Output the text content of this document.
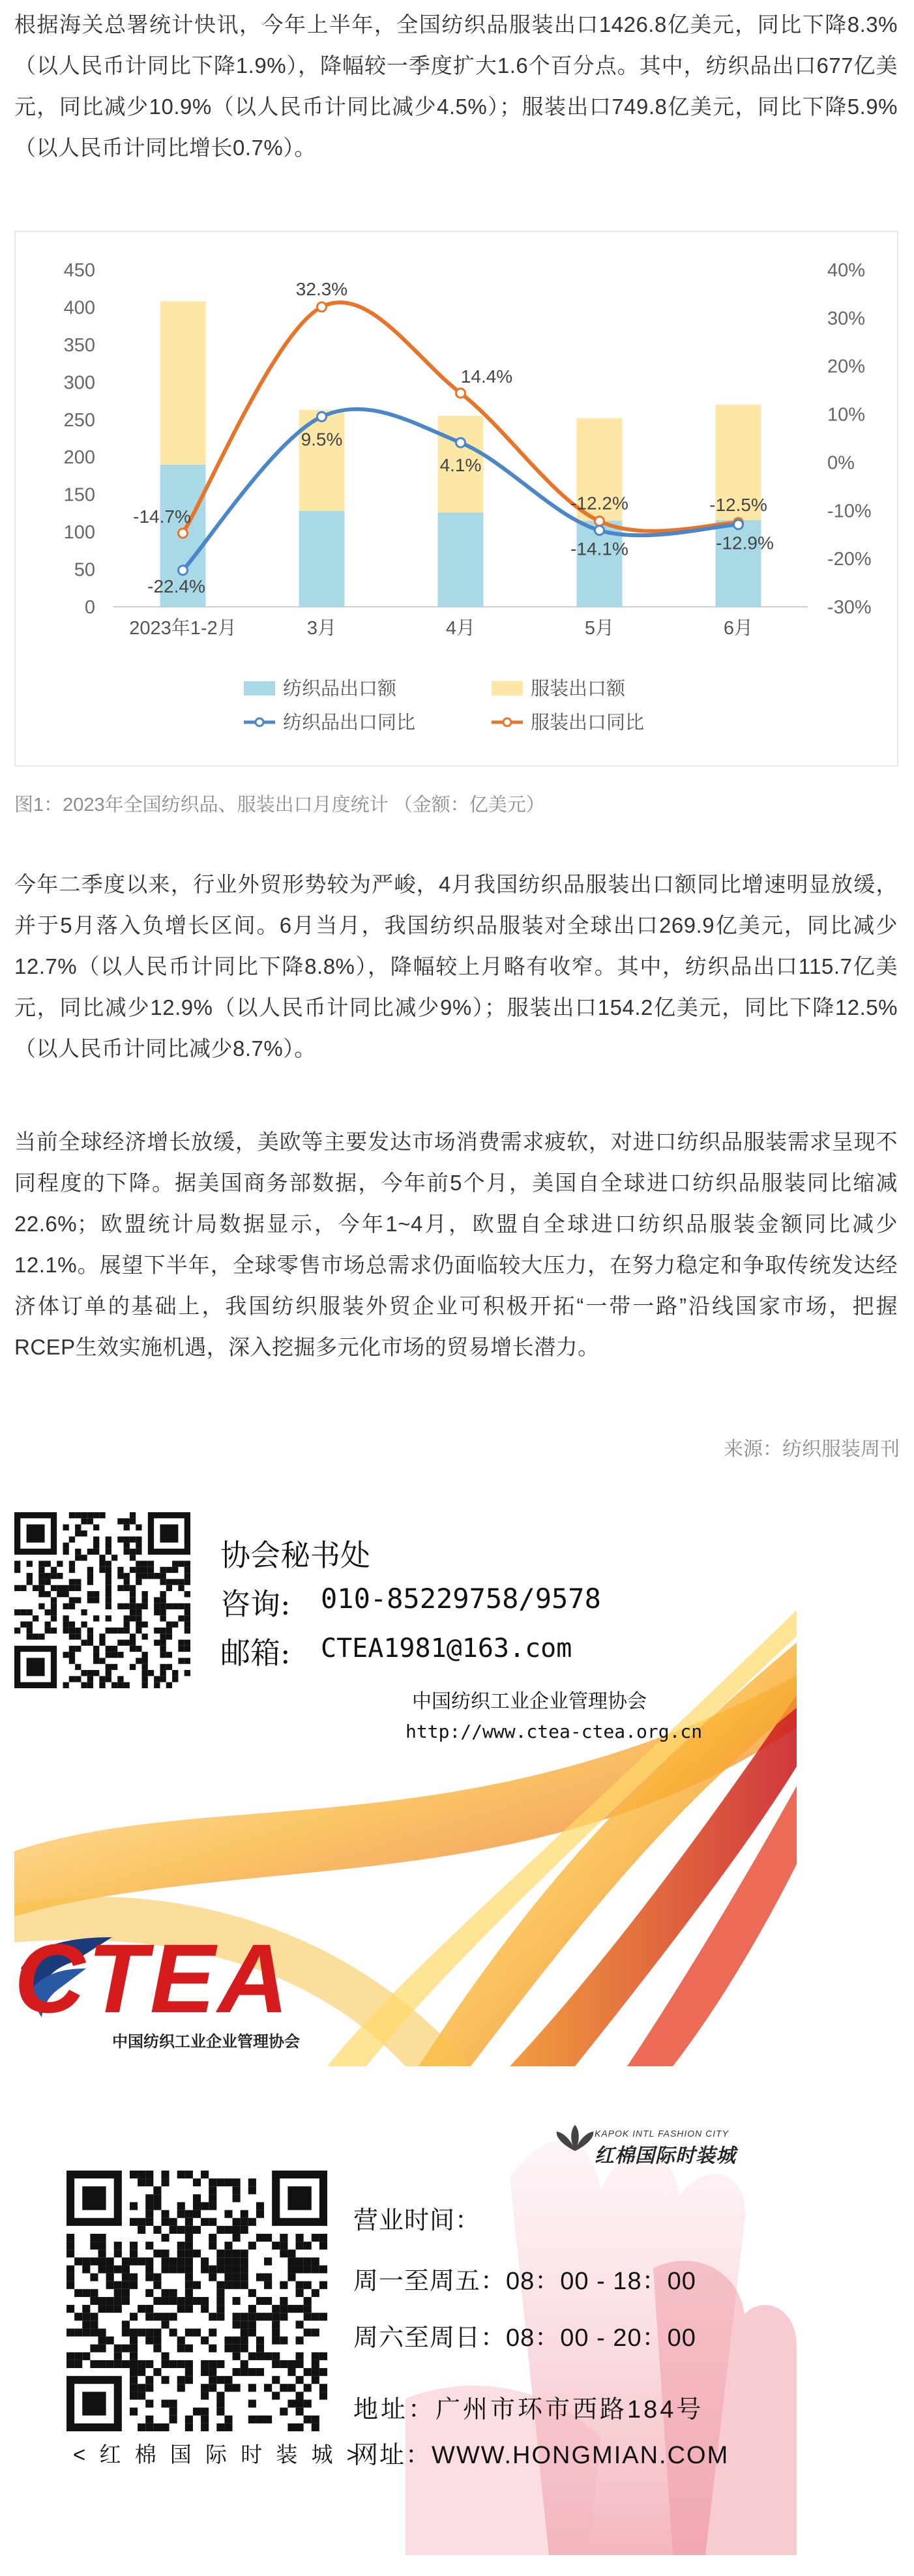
根据海关总署统计快讯，今年上半年，全国纺织品服装出口1426.8亿美元，同比下降8.3%（以人民币计同比下降1.9%），降幅较一季度扩大1.6个百分点。其中，纺织品出口677亿美元，同比减少10.9%（以人民币计同比减少4.5%）；服装出口749.8亿美元，同比下降5.9%（以人民币计同比增长0.7%）。

0
50
100
150
200
250
300
350
400
450
-30%
-20%
-10%
0%
10%
20%
30%
40%
2023年1-2月	3月	4月	5月	6月
-14.7%
32.3%
14.4%
-12.2%	-12.5%
-22.4%
9.5%
4.1%
-14.1%	-12.9%
纺织品出口额	服装出口额
纺织品出口同比	服装出口同比

图1：2023年全国纺织品、服装出口月度统计 （金额：亿美元）

今年二季度以来，行业外贸形势较为严峻，4月我国纺织品服装出口额同比增速明显放缓，并于5月落入负增长区间。6月当月，我国纺织品服装对全球出口269.9亿美元，同比减少12.7%（以人民币计同比下降8.8%），降幅较上月略有收窄。其中，纺织品出口115.7亿美元，同比减少12.9%（以人民币计同比减少9%）；服装出口154.2亿美元，同比下降12.5%（以人民币计同比减少8.7%）。

当前全球经济增长放缓，美欧等主要发达市场消费需求疲软，对进口纺织品服装需求呈现不同程度的下降。据美国商务部数据，今年前5个月，美国自全球进口纺织品服装同比缩减22.6%；欧盟统计局数据显示，今年1~4月，欧盟自全球进口纺织品服装金额同比减少12.1%。展望下半年，全球零售市场总需求仍面临较大压力，在努力稳定和争取传统发达经济体订单的基础上，我国纺织服装外贸企业可积极开拓“一带一路”沿线国家市场，把握RCEP生效实施机遇，深入挖掘多元化市场的贸易增长潜力。

来源：纺织服装周刊

协会秘书处

咨询: 010-85229758/9578

邮箱: CTEA1981@163.com

中国纺织工业企业管理协会

http://www.ctea-ctea.org.cn

CTEA

中国纺织工业企业管理协会

KAPOK INTL FASHION CITY

红棉国际时装城

营业时间：

周一至周五：08：00 - 18：00

周六至周日：08：00 - 20：00

地址：广州市环市西路184号

网址：WWW.HONGMIAN.COM

< 红 棉 国 际 时 装 城 >
